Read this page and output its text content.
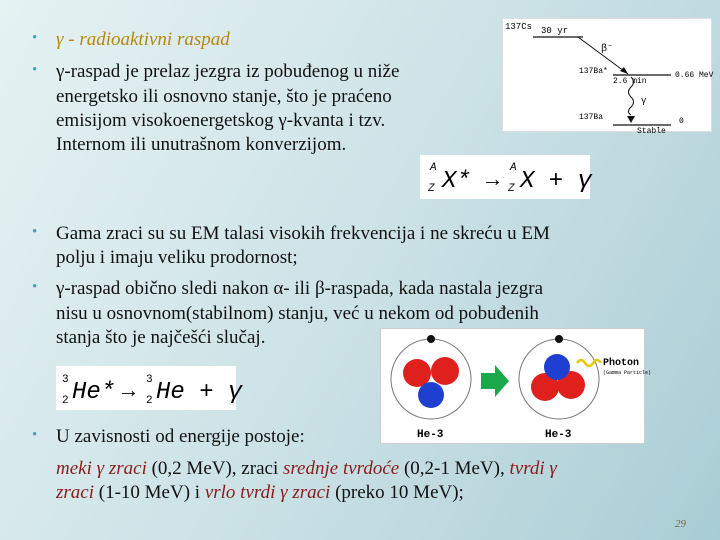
• γ - radioaktivni raspad
• γ-raspad je prelaz jezgra iz pobuđenog u niže
energetsko ili osnovno stanje, što je praćeno
emisijom visokoenergetskog γ-kvanta i tzv.
Internom ili unutrašnom konverzijom.
137Cs 30 yr
β⁻
137Ba*
2.6 min
0.66 MeV
γ
137Ba
Stable
0
A
Z X* → A
Z X + γ
• Gama zraci su su EM talasi visokih frekvencija i ne skreću u EM
polju i imaju veliku prodornost;
• γ-raspad obično sledi nakon α- ili β-raspada, kada nastala jezgra
nisu u osnovnom(stabilnom) stanju, već u nekom od pobuđenih
stanja što je najčešći slučaj.
3
2 He* → 3
2 He + γ
Photon
(Gamma Particle)
He-3	He-3
• U zavisnosti od energije postoje:
meki γ zraci (0,2 MeV), zraci srednje tvrdoće (0,2-1 MeV), tvrdi γ
zraci (1-10 MeV) i vrlo tvrdi γ zraci (preko 10 MeV);
29
